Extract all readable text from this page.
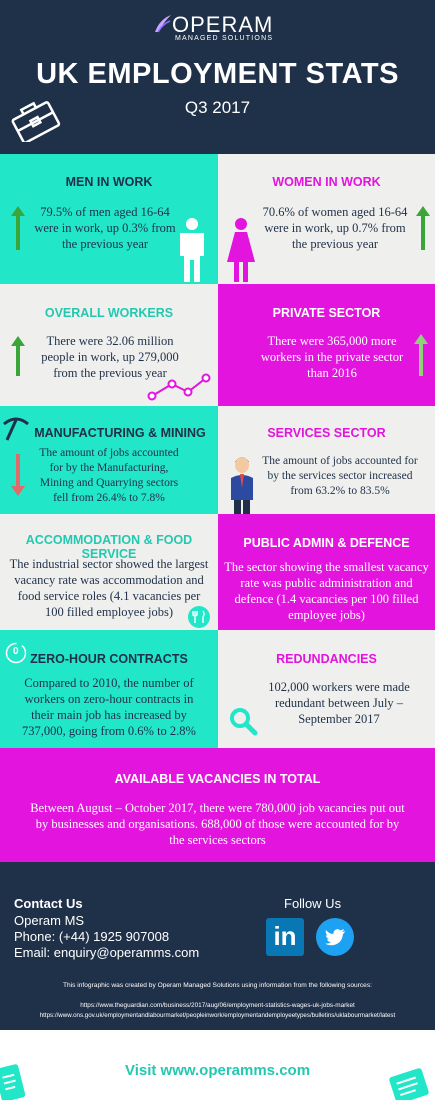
OPERAM
MANAGED SOLUTIONS
UK EMPLOYMENT STATS
Q3 2017
MEN IN WORK
79.5% of men aged 16-64 were in work, up 0.3% from the previous year
WOMEN IN WORK
70.6% of women aged 16-64 were in work, up 0.7% from the previous year
OVERALL WORKERS
There were 32.06 million people in work, up 279,000 from the previous year
PRIVATE SECTOR
There were 365,000 more workers in the private sector than 2016
MANUFACTURING & MINING
The amount of jobs accounted for by the Manufacturing, Mining and Quarrying sectors fell from 26.4% to 7.8%
SERVICES SECTOR
The amount of jobs accounted for by the services sector increased from 63.2% to 83.5%
ACCOMMODATION & FOOD SERVICE
The industrial sector showed the largest vacancy rate was accommodation and food service roles (4.1 vacancies per 100 filled employee jobs)
PUBLIC ADMIN & DEFENCE
The sector showing the smallest vacancy rate was public administration and defence (1.4 vacancies per 100 filled employee jobs)
0
ZERO-HOUR CONTRACTS
Compared to 2010, the number of workers on zero-hour contracts in their main job has increased by 737,000, going from 0.6% to 2.8%
REDUNDANCIES
102,000 workers were made redundant between July – September 2017
AVAILABLE VACANCIES IN TOTAL
Between August – October 2017, there were 780,000 job vacancies put out by businesses and organisations. 688,000 of those were accounted for by the services sectors
Contact Us
Operam MS
Phone: (+44) 1925 907008
Email: enquiry@operamms.com
Follow Us
in
This infographic was created by Operam Managed Solutions using information from the following sources:
https://www.theguardian.com/business/2017/aug/06/employment-statistics-wages-uk-jobs-market
https://www.ons.gov.uk/employmentandlabourmarket/peopleinwork/employmentandemployeetypes/bulletins/uklabourmarket/latest
Visit www.operamms.com
